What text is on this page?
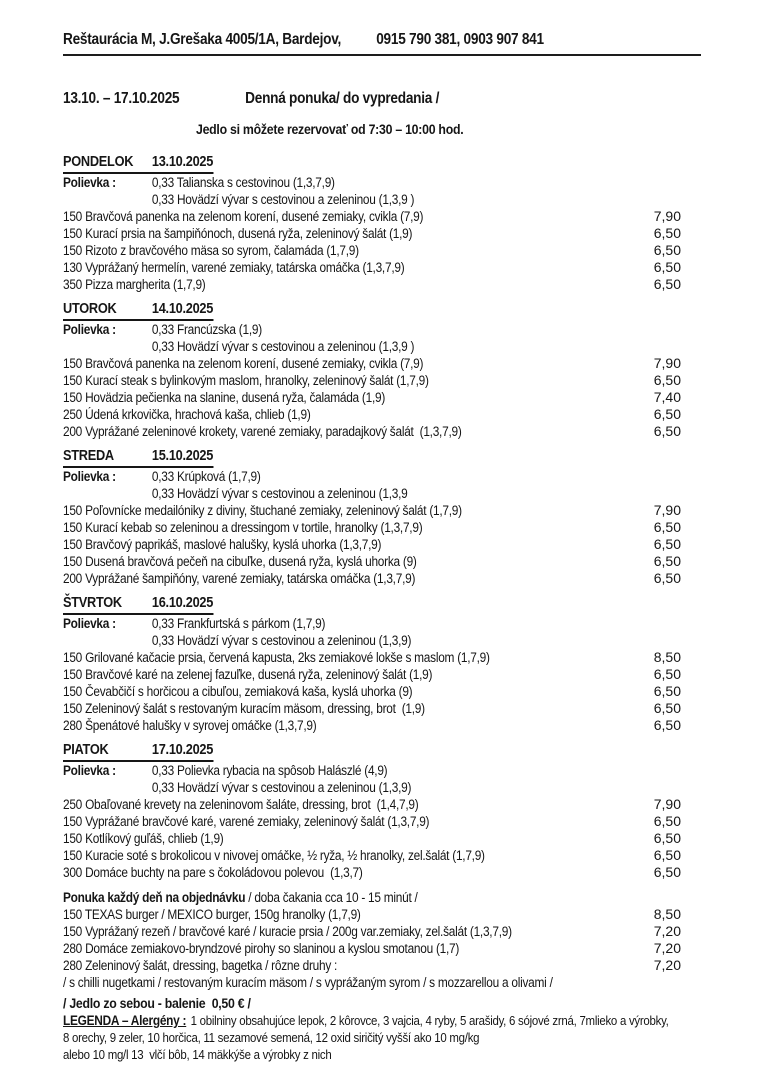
Reštaurácia M, J.Grešaka 4005/1A, Bardejov, 0915 790 381, 0903 907 841
13.10. – 17.10.2025	Denná ponuka/ do vypredania /
Jedlo si môžete rezervovať od 7:30 – 10:00 hod.
PONDELOK 13.10.2025
Polievka :	0,33 Talianska s cestovinou (1,3,7,9)
0,33 Hovädzí vývar s cestovinou a zeleninou (1,3,9 )
150 Bravčová panenka na zelenom korení, dusené zemiaky, cvikla (7,9)	7,90
150 Kurací prsia na šampiňónoch, dusená ryža, zeleninový šalát (1,9)	6,50
150 Rizoto z bravčového mäsa so syrom, čalamáda (1,7,9)	6,50
130 Vyprážaný hermelín, varené zemiaky, tatárska omáčka (1,3,7,9)	6,50
350 Pizza margherita (1,7,9)	6,50
UTOROK 14.10.2025
Polievka :	0,33 Francúzska (1,9)
0,33 Hovädzí vývar s cestovinou a zeleninou (1,3,9 )
150 Bravčová panenka na zelenom korení, dusené zemiaky, cvikla (7,9)	7,90
150 Kurací steak s bylinkovým maslom, hranolky, zeleninový šalát (1,7,9)	6,50
150 Hovädzia pečienka na slanine, dusená ryža, čalamáda (1,9)	7,40
250 Údená krkovička, hrachová kaša, chlieb (1,9)	6,50
200 Vyprážané zeleninové krokety, varené zemiaky, paradajkový šalát  (1,3,7,9)	6,50
STREDA	15.10.2025
Polievka :	0,33 Krúpková (1,7,9)
0,33 Hovädzí vývar s cestovinou a zeleninou (1,3,9
150 Poľovnícke medailóniky z diviny, štuchané zemiaky, zeleninový šalát (1,7,9)	7,90
150 Kurací kebab so zeleninou a dressingom v tortile, hranolky (1,3,7,9)	6,50
150 Bravčový paprikáš, maslové halušky, kyslá uhorka (1,3,7,9)	6,50
150 Dusená bravčová pečeň na cibuľke, dusená ryža, kyslá uhorka (9)	6,50
200 Vyprážané šampiňóny, varené zemiaky, tatárska omáčka (1,3,7,9)	6,50
ŠTVRTOK 16.10.2025
Polievka :	0,33 Frankfurtská s párkom (1,7,9)
0,33 Hovädzí vývar s cestovinou a zeleninou (1,3,9)
150 Grilované kačacie prsia, červená kapusta, 2ks zemiakové lokše s maslom (1,7,9)	8,50
150 Bravčové karé na zelenej fazuľke, dusená ryža, zeleninový šalát (1,9)	6,50
150 Čevabčičí s horčicou a cibuľou, zemiaková kaša, kyslá uhorka (9)	6,50
150 Zeleninový šalát s restovaným kuracím mäsom, dressing, brot  (1,9)	6,50
280 Špenátové halušky v syrovej omáčke (1,3,7,9)	6,50
PIATOK	17.10.2025
Polievka :	0,33 Polievka rybacia na spôsob Halászlé (4,9)
0,33 Hovädzí vývar s cestovinou a zeleninou (1,3,9)
250 Obaľované krevety na zeleninovom šaláte, dressing, brot  (1,4,7,9)	7,90
150 Vyprážané bravčové karé, varené zemiaky, zeleninový šalát (1,3,7,9)	6,50
150 Kotlíkový guľáš, chlieb (1,9)	6,50
150 Kuracie soté s brokolicou v nivovej omáčke, ½ ryža, ½ hranolky, zel.šalát (1,7,9)	6,50
300 Domáce buchty na pare s čokoládovou polevou  (1,3,7)	6,50
Ponuka každý deň na objednávku / doba čakania cca 10 - 15 minút /
150 TEXAS burger / MEXICO burger, 150g hranolky (1,7,9)	8,50
150 Vyprážaný rezeň / bravčové karé / kuracie prsia / 200g var.zemiaky, zel.šalát (1,3,7,9)	7,20
280 Domáce zemiakovo-bryndzové pirohy so slaninou a kyslou smotanou (1,7)	7,20
280 Zeleninový šalát, dressing, bagetka / rôzne druhy :	7,20
/ s chilli nugetkami / restovaným kuracím mäsom / s vyprážaným syrom / s mozzarellou a olivami /
/ Jedlo zo sebou - balenie  0,50 € /
LEGENDA – Alergény : 1 obilniny obsahujúce lepok, 2 kôrovce, 3 vajcia, 4 ryby, 5 arašidy, 6 sójové zrná, 7mlieko a výrobky,
8 orechy, 9 zeler, 10 horčica, 11 sezamové semená, 12 oxid siričitý vyšší ako 10 mg/kg
alebo 10 mg/l 13  vlčí bôb, 14 mäkkýše a výrobky z nich
